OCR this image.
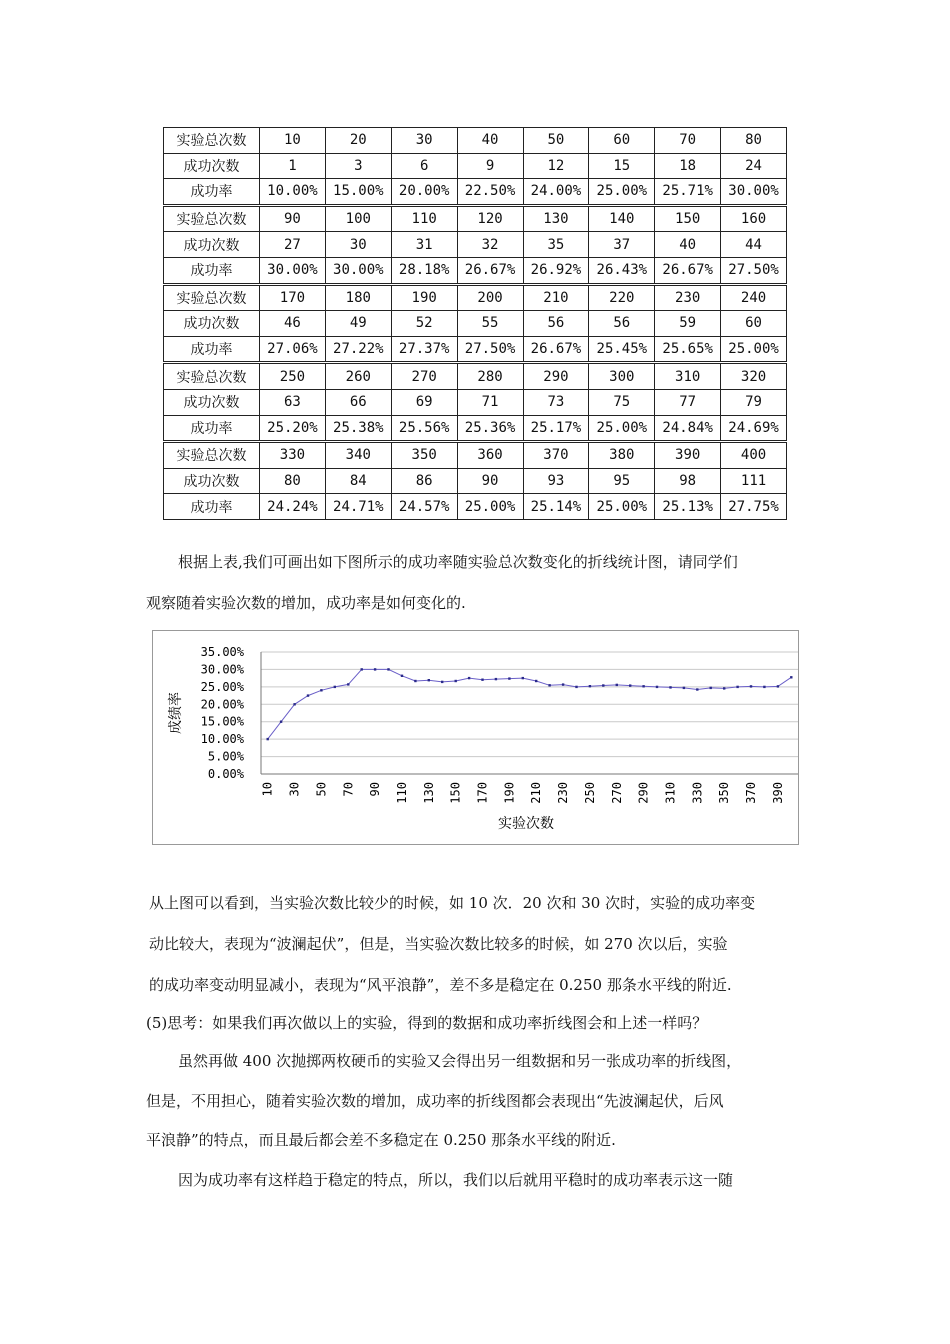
实验总次数	10	20	30	40	50	60	70	80
成功次数	1	3	6	9	12	15	18	24
成功率	10.00%	15.00%	20.00%	22.50%	24.00%	25.00%	25.71%	30.00%
实验总次数	90	100	110	120	130	140	150	160
成功次数	27	30	31	32	35	37	40	44
成功率	30.00%	30.00%	28.18%	26.67%	26.92%	26.43%	26.67%	27.50%
实验总次数	170	180	190	200	210	220	230	240
成功次数	46	49	52	55	56	56	59	60
成功率	27.06%	27.22%	27.37%	27.50%	26.67%	25.45%	25.65%	25.00%
实验总次数	250	260	270	280	290	300	310	320
成功次数	63	66	69	71	73	75	77	79
成功率	25.20%	25.38%	25.56%	25.36%	25.17%	25.00%	24.84%	24.69%
实验总次数	330	340	350	360	370	380	390	400
成功次数	80	84	86	90	93	95	98	111
成功率	24.24%	24.71%	24.57%	25.00%	25.14%	25.00%	25.13%	27.75%
根据上表,我们可画出如下图所示的成功率随实验总次数变化的折线统计图，请同学们
观察随着实验次数的增加，成功率是如何变化的.
0.00%
5.00%
10.00%
15.00%
20.00%
25.00%
30.00%
35.00%
10 30 50 70 90 110 130 150 170 190 210 230 250 270 290 310 330 350 370 390
成绩率
实验次数
从上图可以看到，当实验次数比较少的时候，如 10 次．20 次和 30 次时，实验的成功率变
动比较大，表现为“波澜起伏”，但是，当实验次数比较多的时候，如 270 次以后，实验
的成功率变动明显减小，表现为“风平浪静”，差不多是稳定在 0.250 那条水平线的附近.
(5)思考：如果我们再次做以上的实验，得到的数据和成功率折线图会和上述一样吗？
虽然再做 400 次抛掷两枚硬币的实验又会得出另一组数据和另一张成功率的折线图，
但是，不用担心，随着实验次数的增加，成功率的折线图都会表现出“先波澜起伏，后风
平浪静”的特点，而且最后都会差不多稳定在 0.250 那条水平线的附近.
因为成功率有这样趋于稳定的特点，所以，我们以后就用平稳时的成功率表示这一随
